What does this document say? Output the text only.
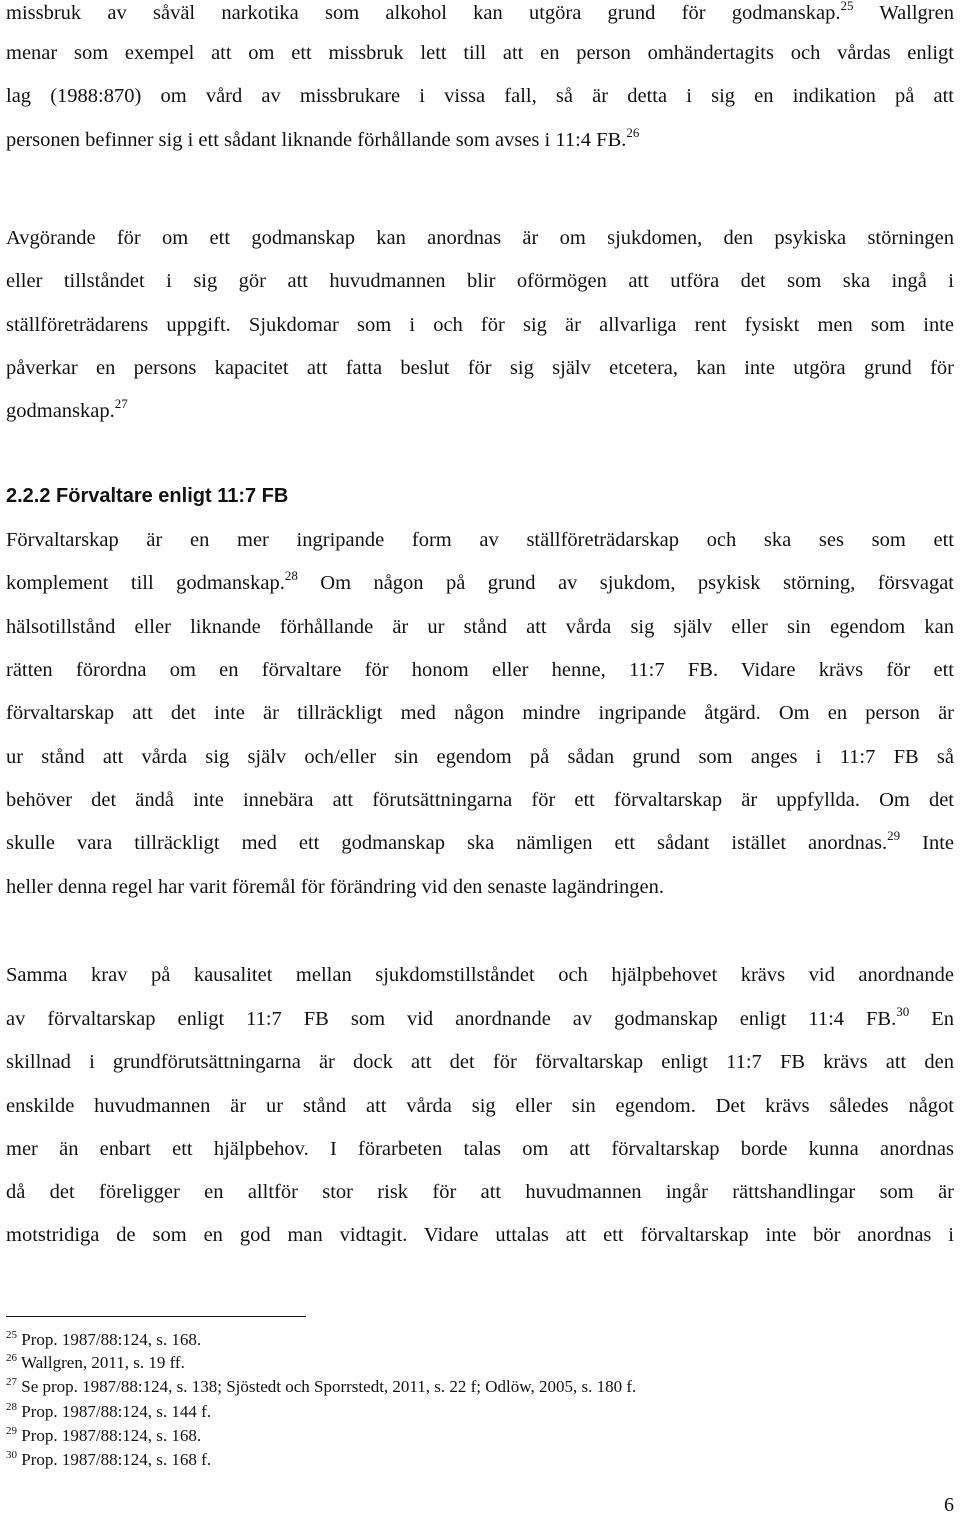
missbruk av såväl narkotika som alkohol kan utgöra grund för godmanskap.$^{25}$ Wallgren
menar som exempel att om ett missbruk lett till att en person omhändertagits och vårdas enligt
lag (1988:870) om vård av missbrukare i vissa fall, så är detta i sig en indikation på att
personen befinner sig i ett sådant liknande förhållande som avses i 11:4 FB.$^{26}$
Avgörande för om ett godmanskap kan anordnas är om sjukdomen, den psykiska störningen
eller tillståndet i sig gör att huvudmannen blir oförmögen att utföra det som ska ingå i
ställföreträdarens uppgift. Sjukdomar som i och för sig är allvarliga rent fysiskt men som inte
påverkar en persons kapacitet att fatta beslut för sig själv etcetera, kan inte utgöra grund för
godmanskap.$^{27}$
2.2.2 Förvaltare enligt 11:7 FB
Förvaltarskap är en mer ingripande form av ställföreträdarskap och ska ses som ett
komplement till godmanskap.$^{28}$ Om någon på grund av sjukdom, psykisk störning, försvagat
hälsotillstånd eller liknande förhållande är ur stånd att vårda sig själv eller sin egendom kan
rätten förordna om en förvaltare för honom eller henne, 11:7 FB. Vidare krävs för ett
förvaltarskap att det inte är tillräckligt med någon mindre ingripande åtgärd. Om en person är
ur stånd att vårda sig själv och/eller sin egendom på sådan grund som anges i 11:7 FB så
behöver det ändå inte innebära att förutsättningarna för ett förvaltarskap är uppfyllda. Om det
skulle vara tillräckligt med ett godmanskap ska nämligen ett sådant istället anordnas.$^{29}$ Inte
heller denna regel har varit föremål för förändring vid den senaste lagändringen.
Samma krav på kausalitet mellan sjukdomstillståndet och hjälpbehovet krävs vid anordnande
av förvaltarskap enligt 11:7 FB som vid anordnande av godmanskap enligt 11:4 FB.$^{30}$ En
skillnad i grundförutsättningarna är dock att det för förvaltarskap enligt 11:7 FB krävs att den
enskilde huvudmannen är ur stånd att vårda sig eller sin egendom. Det krävs således något
mer än enbart ett hjälpbehov. I förarbeten talas om att förvaltarskap borde kunna anordnas
då det föreligger en alltför stor risk för att huvudmannen ingår rättshandlingar som är
motstridiga de som en god man vidtagit. Vidare uttalas att ett förvaltarskap inte bör anordnas i
$^{25}$ Prop. 1987/88:124, s. 168.
$^{26}$ Wallgren, 2011, s. 19 ff.
$^{27}$ Se prop. 1987/88:124, s. 138; Sjöstedt och Sporrstedt, 2011, s. 22 f; Odlöw, 2005, s. 180 f.
$^{28}$ Prop. 1987/88:124, s. 144 f.
$^{29}$ Prop. 1987/88:124, s. 168.
$^{30}$ Prop. 1987/88:124, s. 168 f.
6
